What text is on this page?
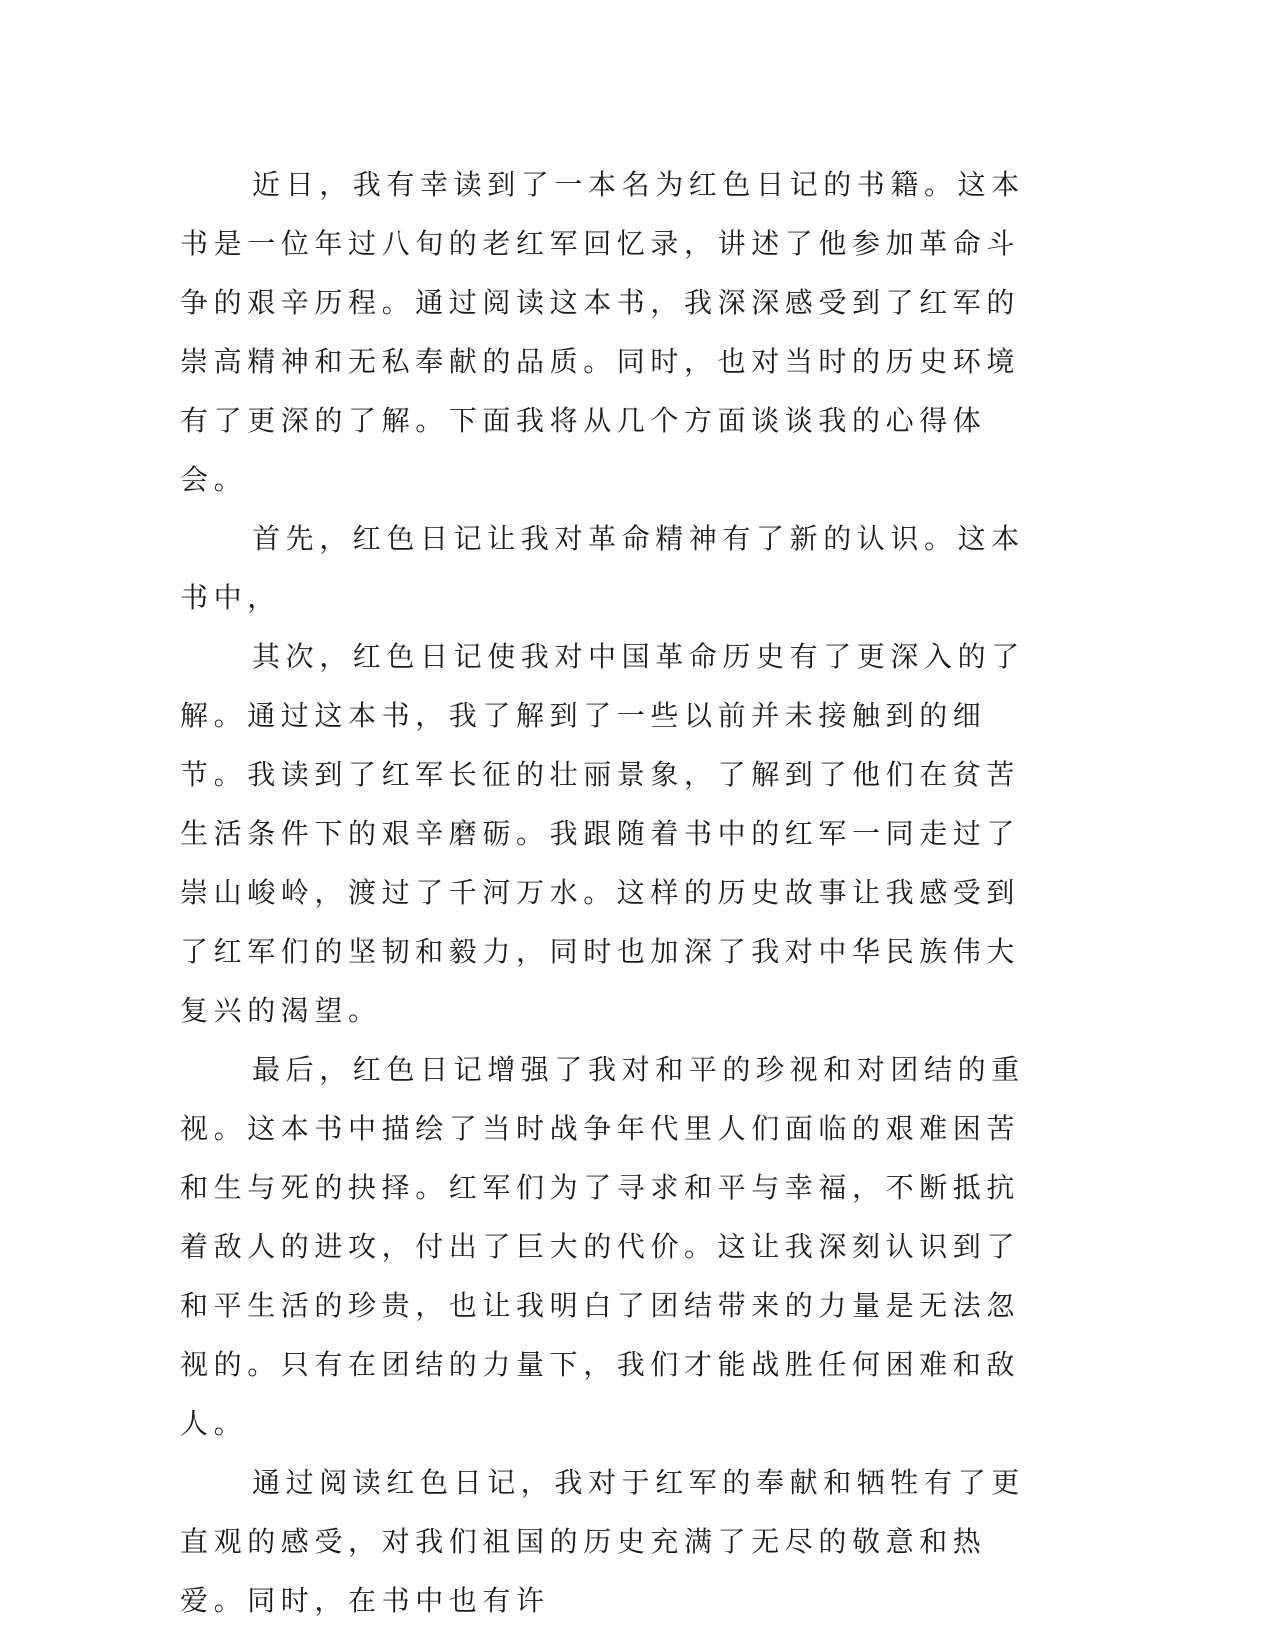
近日，我有幸读到了一本名为红色日记的书籍。这本书是一位年过八旬的老红军回忆录，讲述了他参加革命斗争的艰辛历程。通过阅读这本书，我深深感受到了红军的崇高精神和无私奉献的品质。同时，也对当时的历史环境有了更深的了解。下面我将从几个方面谈谈我的心得体会。

首先，红色日记让我对革命精神有了新的认识。这本书中，

其次，红色日记使我对中国革命历史有了更深入的了解。通过这本书，我了解到了一些以前并未接触到的细节。我读到了红军长征的壮丽景象，了解到了他们在贫苦生活条件下的艰辛磨砺。我跟随着书中的红军一同走过了崇山峻岭，渡过了千河万水。这样的历史故事让我感受到了红军们的坚韧和毅力，同时也加深了我对中华民族伟大复兴的渴望。

最后，红色日记增强了我对和平的珍视和对团结的重视。这本书中描绘了当时战争年代里人们面临的艰难困苦和生与死的抉择。红军们为了寻求和平与幸福，不断抵抗着敌人的进攻，付出了巨大的代价。这让我深刻认识到了和平生活的珍贵，也让我明白了团结带来的力量是无法忽视的。只有在团结的力量下，我们才能战胜任何困难和敌人。

通过阅读红色日记，我对于红军的奉献和牺牲有了更直观的感受，对我们祖国的历史充满了无尽的敬意和热爱。同时，在书中也有许
